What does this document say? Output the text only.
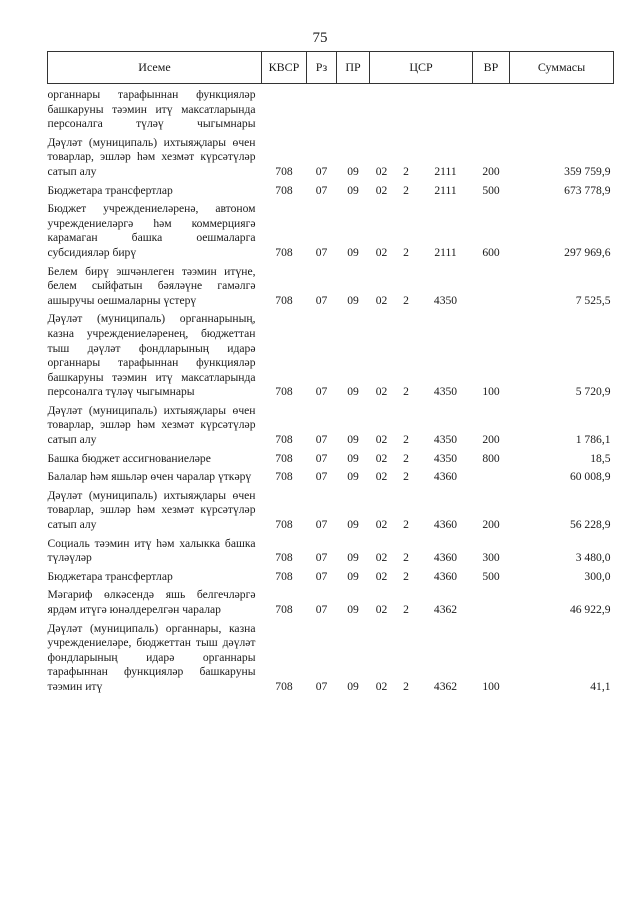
75
Исеме	КВСР	Рз	ПР	ЦСР			ВР	Суммасы
органнары тарафыннан функцияләр башкаруны тәэмин итү максатларында персоналга түләү чыгымнары								
Дәүләт (муниципаль) ихтыяҗлары өчен товарлар, эшләр һәм хезмәт күрсәтүләр сатып алу	708	07	09	02	2	2111	200	359 759,9
Бюджетара трансфертлар	708	07	09	02	2	2111	500	673 778,9
Бюджет учреждениеләренә, автоном учреждениеләргә һәм коммерциягә карамаган башка оешмаларга субсидияләр бирү	708	07	09	02	2	2111	600	297 969,6
Белем бирү эшчәнлеген тәэмин итүне, белем сыйфатын бәяләүне гамәлгә ашыручы оешмаларны үстерү	708	07	09	02	2	4350		7 525,5
Дәүләт (муниципаль) органнарының, казна учреждениеләренең, бюджеттан тыш дәүләт фондларының идарә органнары тарафыннан функцияләр башкаруны тәэмин итү максатларында персоналга түләү чыгымнары	708	07	09	02	2	4350	100	5 720,9
Дәүләт (муниципаль) ихтыяҗлары өчен товарлар, эшләр һәм хезмәт күрсәтүләр сатып алу	708	07	09	02	2	4350	200	1 786,1
Башка бюджет ассигнованиеләре	708	07	09	02	2	4350	800	18,5
Балалар һәм яшьләр өчен чаралар үткәрү	708	07	09	02	2	4360		60 008,9
Дәүләт (муниципаль) ихтыяҗлары өчен товарлар, эшләр һәм хезмәт күрсәтүләр сатып алу	708	07	09	02	2	4360	200	56 228,9
Социаль тәэмин итү һәм халыкка башка түләүләр	708	07	09	02	2	4360	300	3 480,0
Бюджетара трансфертлар	708	07	09	02	2	4360	500	300,0
Мәгариф өлкәсендә яшь белгечләргә ярдәм итүгә юнәлдерелгән чаралар	708	07	09	02	2	4362		46 922,9
Дәүләт (муниципаль) органнары, казна учреждениеләре, бюджеттан тыш дәүләт фондларының идарә органнары тарафыннан функцияләр башкаруны тәэмин итү	708	07	09	02	2	4362	100	41,1
